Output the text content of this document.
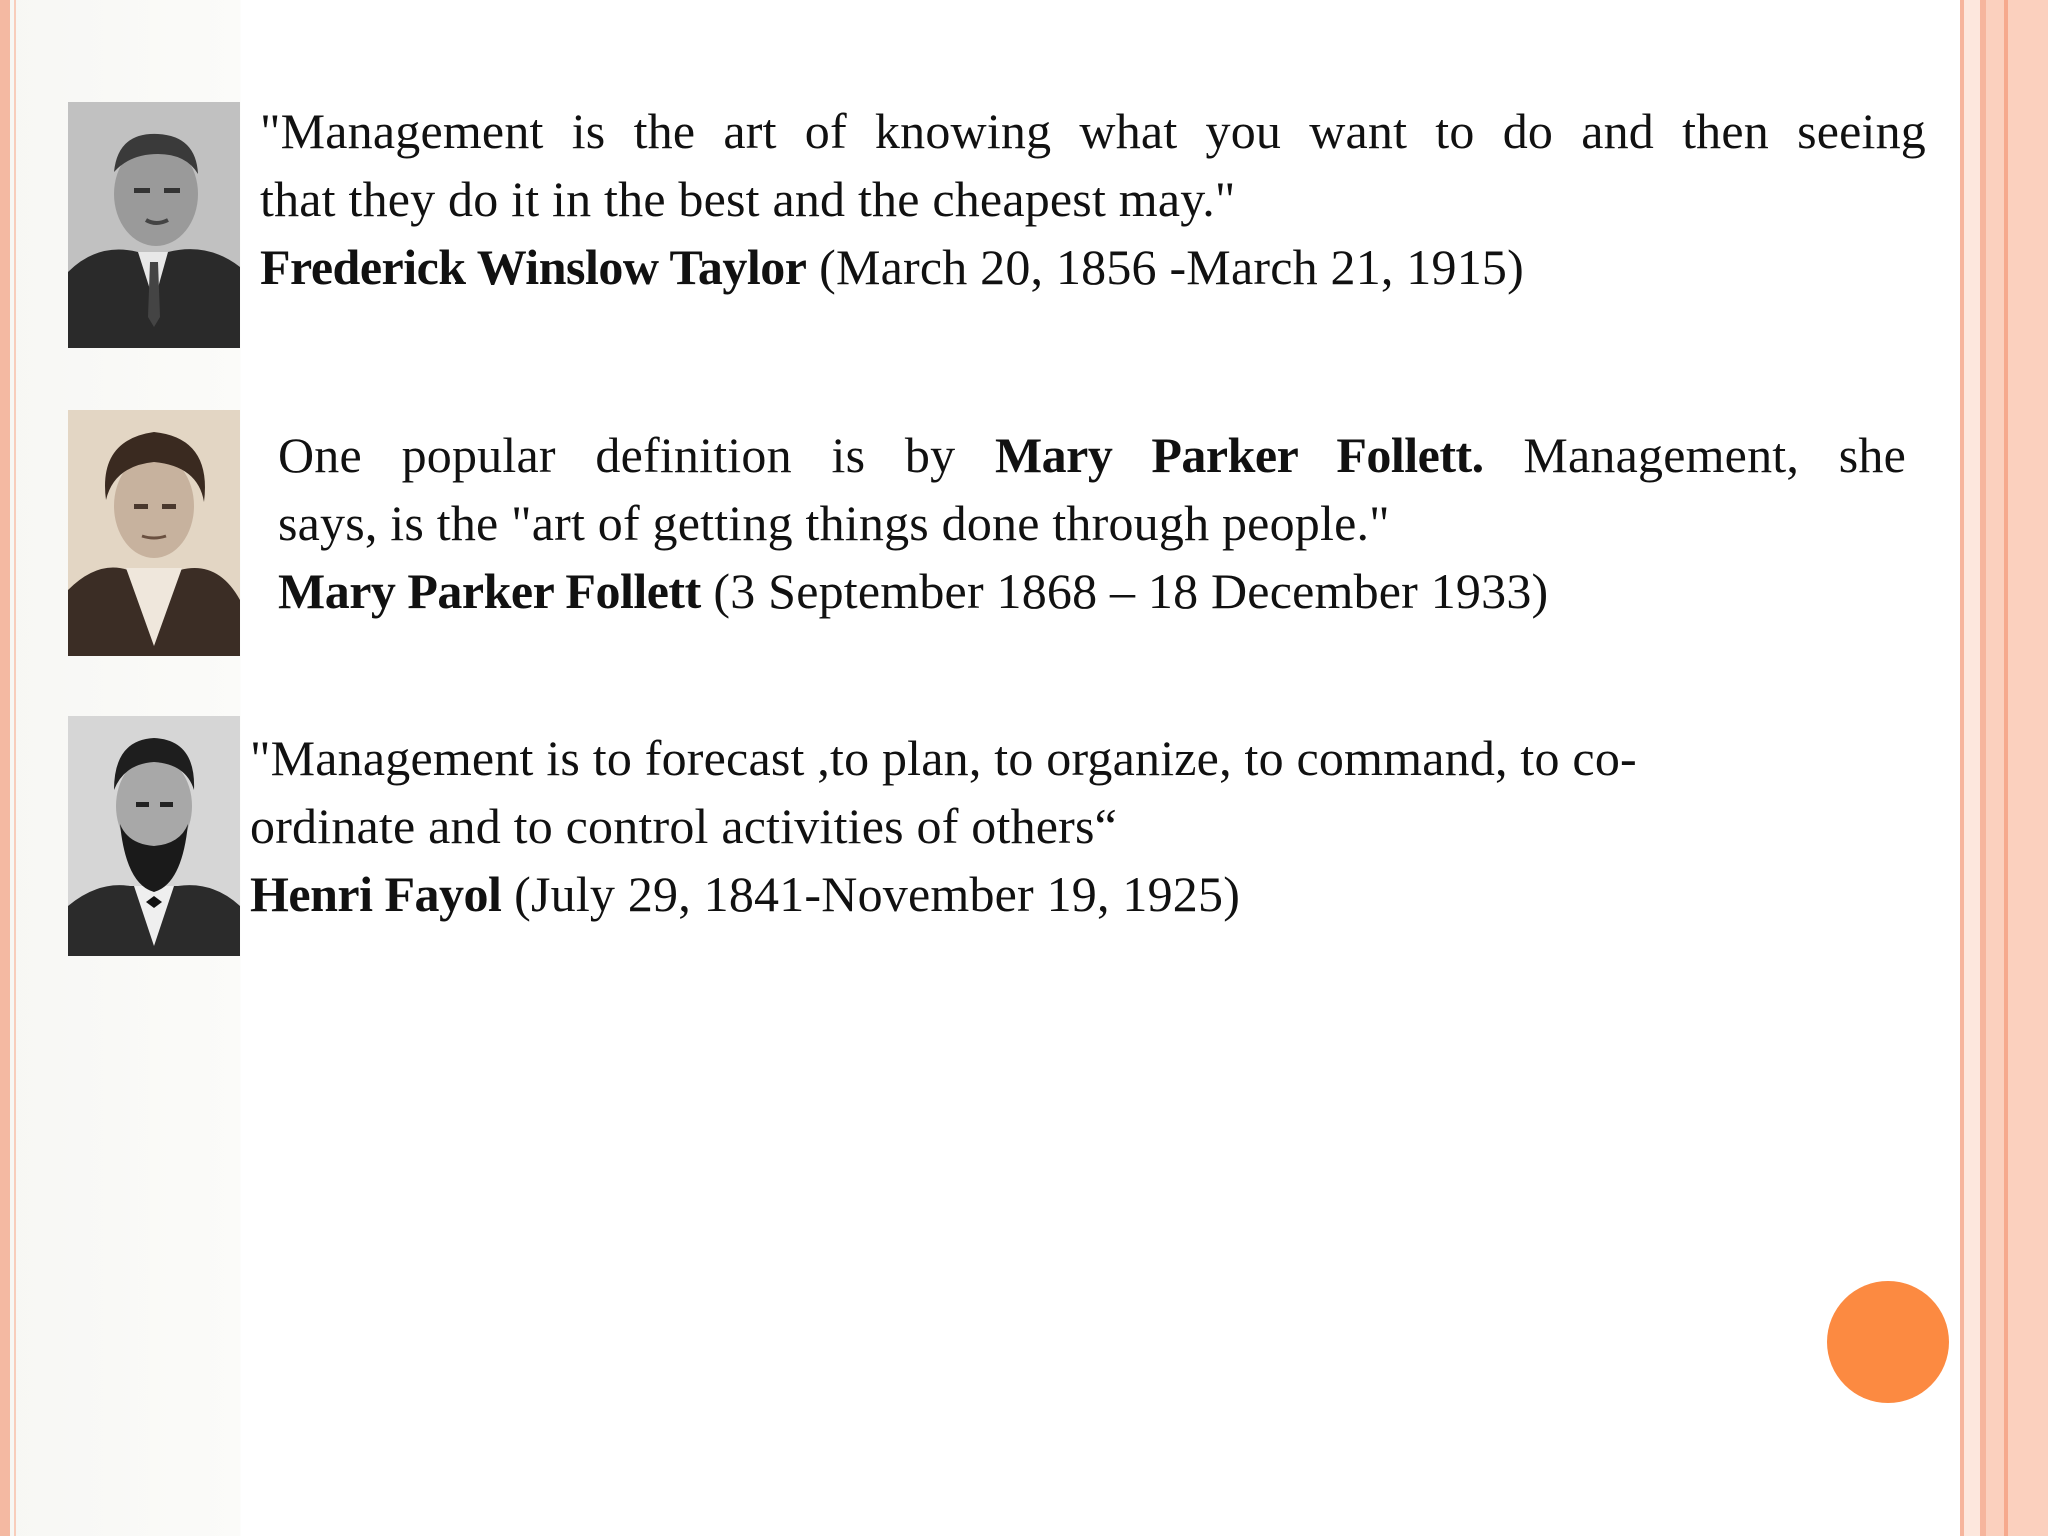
"Management is the art of knowing what you want to do and then seeing
that they do it in the best and the cheapest may."
Frederick Winslow Taylor (March 20, 1856 -March 21, 1915)
One popular definition is by Mary Parker Follett. Management, she
says, is the "art of getting things done through people."
Mary Parker Follett (3 September 1868 – 18 December 1933)
"Management is to forecast ,to plan, to organize, to command, to co-
ordinate and to control activities of others“
Henri Fayol (July 29, 1841-November 19, 1925)
